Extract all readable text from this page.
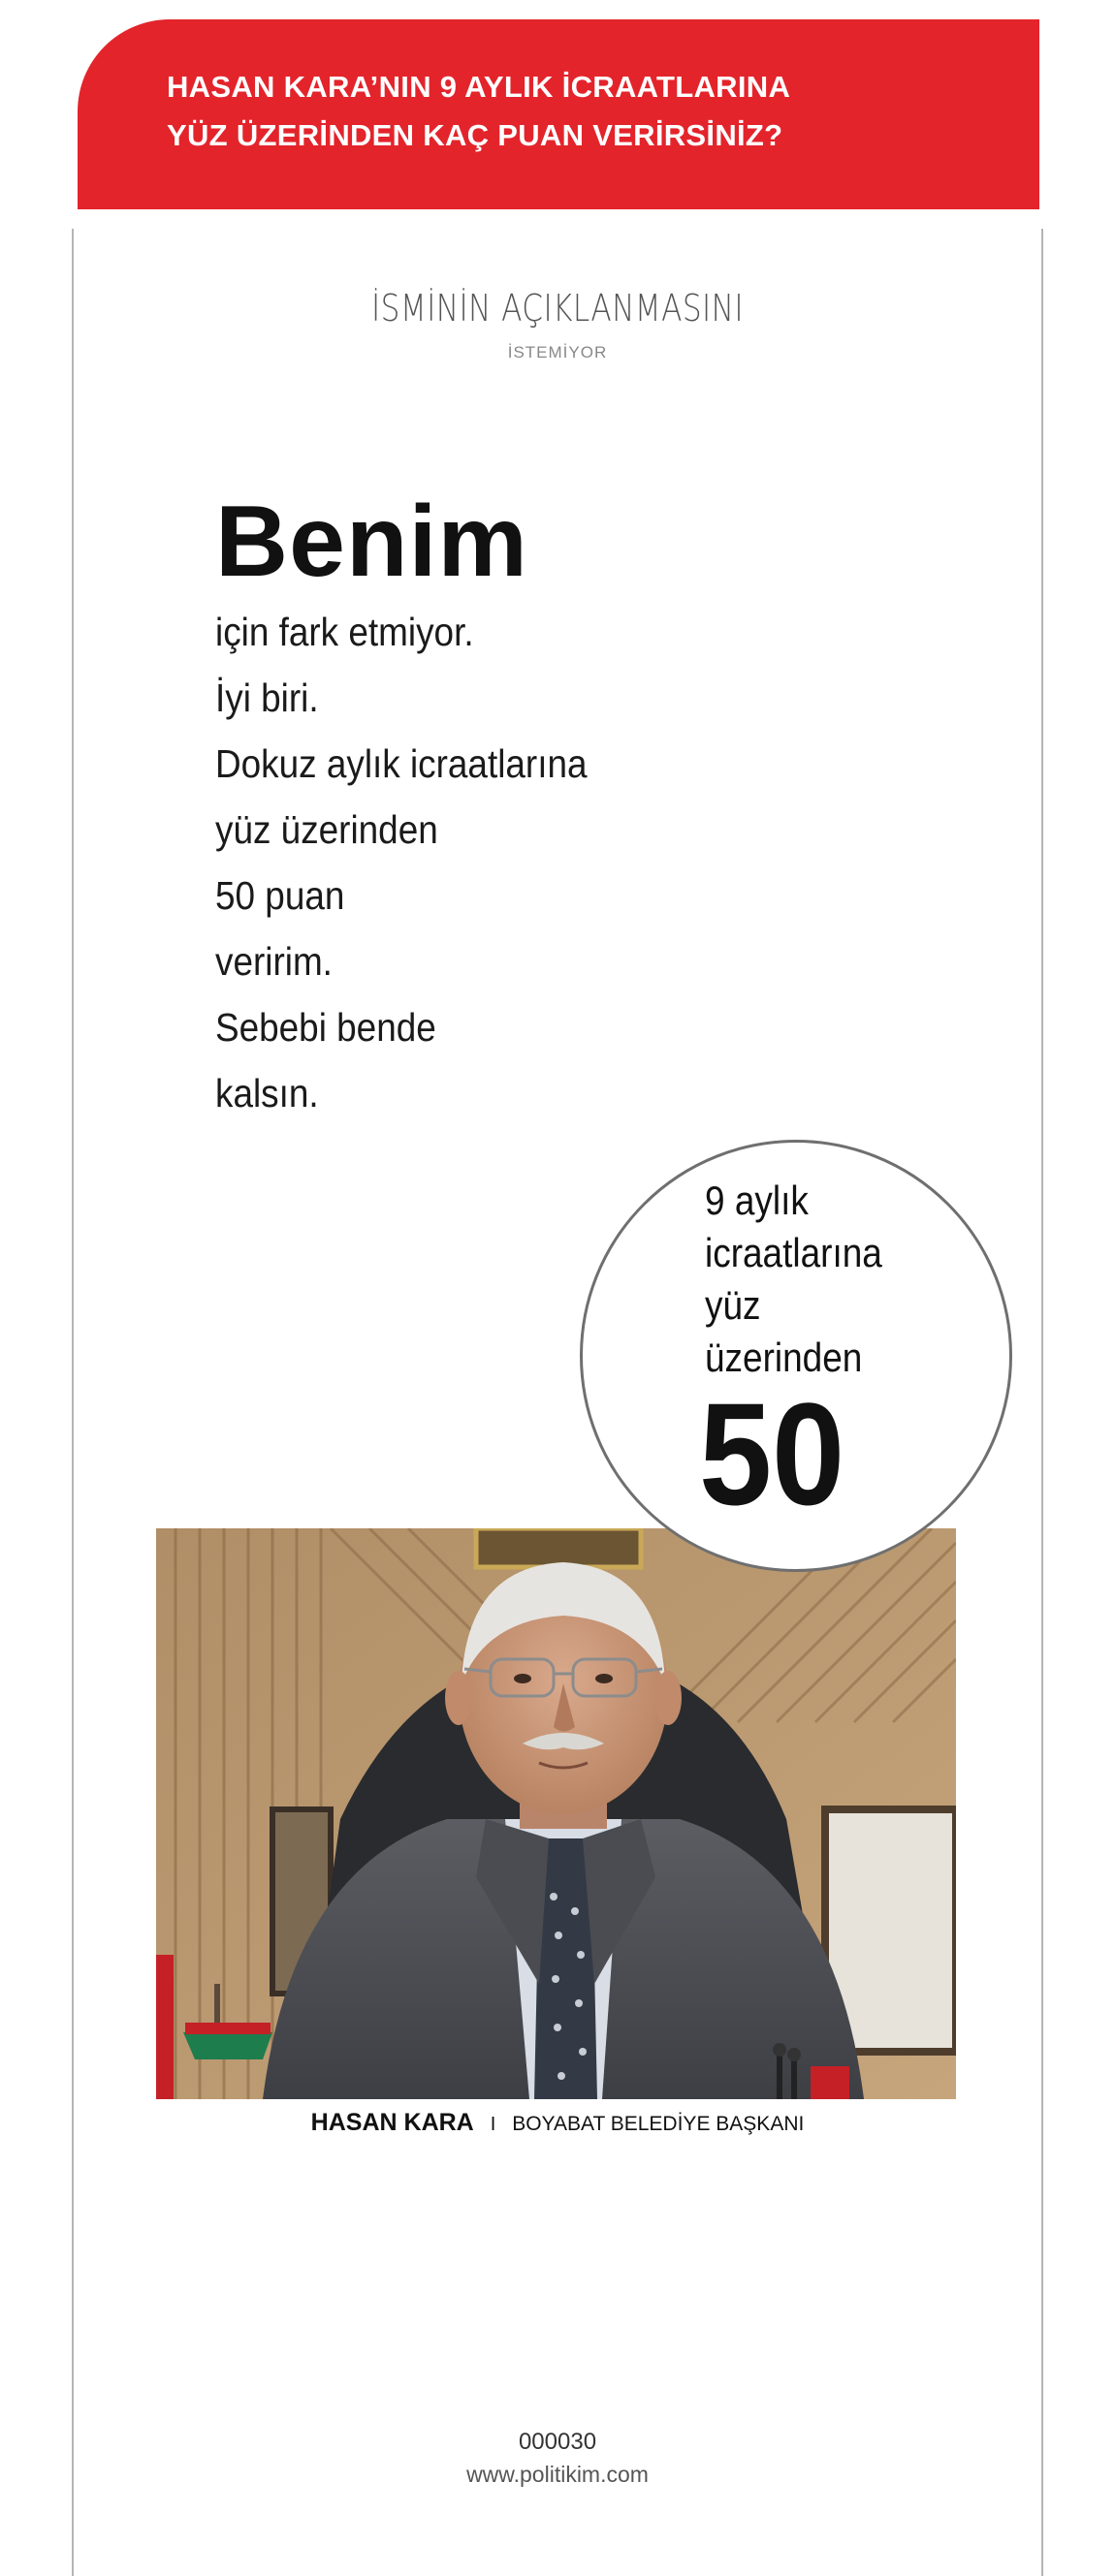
HASAN KARA’NIN 9 AYLIK İCRAATLARINA
YÜZ ÜZERİNDEN KAÇ PUAN VERİRSİNİZ?
İSMİNİN AÇIKLANMASINI
İSTEMİYOR
Benim
için fark etmiyor.
İyi biri.
Dokuz aylık icraatlarına
yüz üzerinden
50 puan
veririm.
Sebebi bende
kalsın.
9 aylık
icraatlarına
yüz
üzerinden
50
HASAN KARA I BOYABAT BELEDİYE BAŞKANI
000030
www.politikim.com
